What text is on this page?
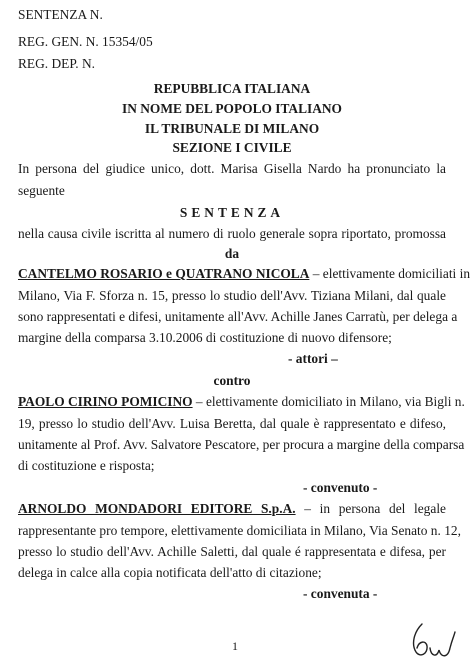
SENTENZA N.
REG. GEN. N. 15354/05
REG. DEP. N.
REPUBBLICA ITALIANA
IN NOME DEL POPOLO ITALIANO
IL TRIBUNALE DI MILANO
SEZIONE I CIVILE
In persona del giudice unico, dott. Marisa Gisella Nardo ha pronunciato la
seguente
SENTENZA
nella causa civile iscritta al numero di ruolo generale sopra riportato, promossa
da
CANTELMO ROSARIO e QUATRANO NICOLA – elettivamente domiciliati in
Milano, Via F. Sforza n. 15, presso lo studio dell'Avv. Tiziana Milani, dal quale
sono rappresentati e difesi, unitamente all'Avv. Achille Janes Carratù, per delega a
margine della comparsa 3.10.2006 di costituzione di nuovo difensore;
- attori –
contro
PAOLO CIRINO POMICINO – elettivamente domiciliato in Milano, via Bigli n.
19, presso lo studio dell'Avv. Luisa Beretta, dal quale è rappresentato e difeso,
unitamente al Prof. Avv. Salvatore Pescatore, per procura a margine della comparsa
di costituzione e risposta;
- convenuto -
ARNOLDO MONDADORI EDITORE S.p.A. – in persona del legale
rappresentante pro tempore, elettivamente domiciliata in Milano, Via Senato n. 12,
presso lo studio dell'Avv. Achille Saletti, dal quale é rappresentata e difesa, per
delega in calce alla copia notificata dell'atto di citazione;
- convenuta -
1
